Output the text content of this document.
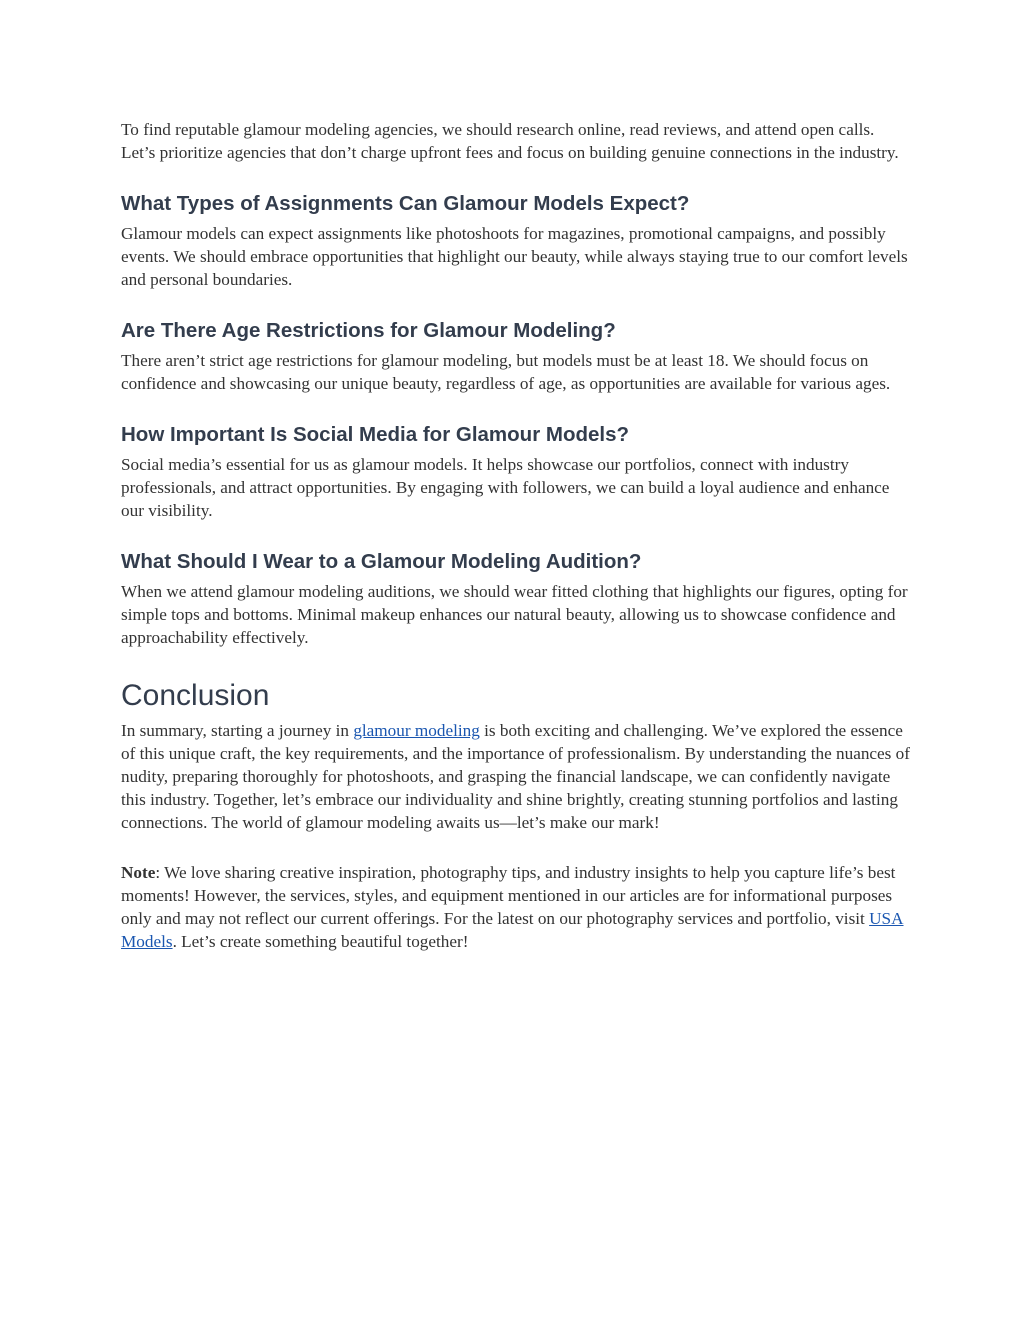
To find reputable glamour modeling agencies, we should research online, read reviews, and attend open calls. Let’s prioritize agencies that don’t charge upfront fees and focus on building genuine connections in the industry.

What Types of Assignments Can Glamour Models Expect?

Glamour models can expect assignments like photoshoots for magazines, promotional campaigns, and possibly events. We should embrace opportunities that highlight our beauty, while always staying true to our comfort levels and personal boundaries.

Are There Age Restrictions for Glamour Modeling?

There aren’t strict age restrictions for glamour modeling, but models must be at least 18. We should focus on confidence and showcasing our unique beauty, regardless of age, as opportunities are available for various ages.

How Important Is Social Media for Glamour Models?

Social media’s essential for us as glamour models. It helps showcase our portfolios, connect with industry professionals, and attract opportunities. By engaging with followers, we can build a loyal audience and enhance our visibility.

What Should I Wear to a Glamour Modeling Audition?

When we attend glamour modeling auditions, we should wear fitted clothing that highlights our figures, opting for simple tops and bottoms. Minimal makeup enhances our natural beauty, allowing us to showcase confidence and approachability effectively.

Conclusion

In summary, starting a journey in glamour modeling is both exciting and challenging. We’ve explored the essence of this unique craft, the key requirements, and the importance of professionalism. By understanding the nuances of nudity, preparing thoroughly for photoshoots, and grasping the financial landscape, we can confidently navigate this industry. Together, let’s embrace our individuality and shine brightly, creating stunning portfolios and lasting connections. The world of glamour modeling awaits us—let’s make our mark!

Note: We love sharing creative inspiration, photography tips, and industry insights to help you capture life’s best moments! However, the services, styles, and equipment mentioned in our articles are for informational purposes only and may not reflect our current offerings. For the latest on our photography services and portfolio, visit USA Models. Let’s create something beautiful together!
